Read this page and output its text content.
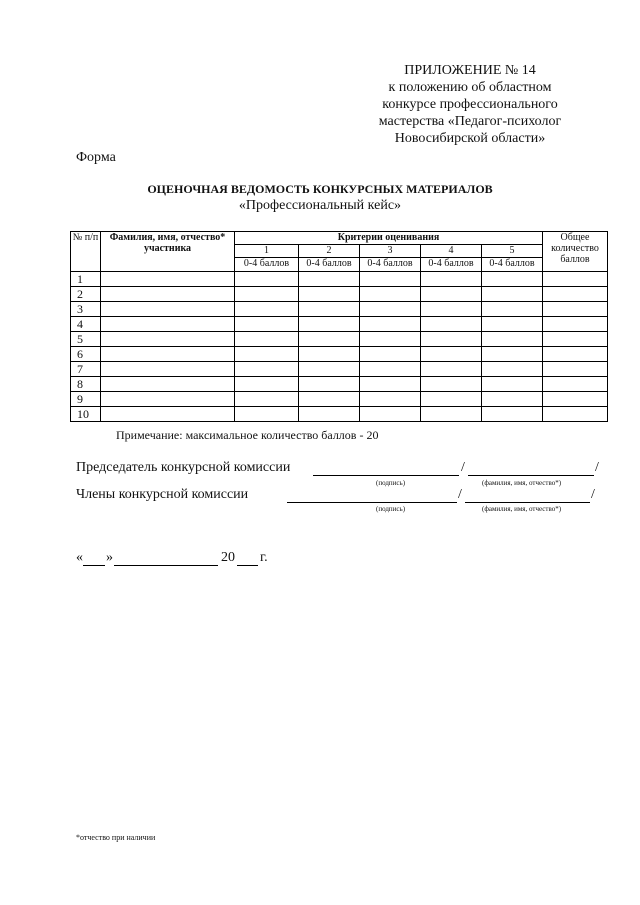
ПРИЛОЖЕНИЕ № 14
к положению об областном
конкурсе профессионального
мастерства «Педагог-психолог
Новосибирской области»
Форма
ОЦЕНОЧНАЯ ВЕДОМОСТЬ КОНКУРСНЫХ МАТЕРИАЛОВ
«Профессиональный кейс»
№ п/п	Фамилия, имя, отчество* участника	Критерии оценивания					Общее количество баллов
		1	2	3	4	5	
		0-4 баллов	0-4 баллов	0-4 баллов	0-4 баллов	0-4 баллов	
1							
2							
3							
4							
5							
6							
7							
8							
9							
10							
Примечание: максимальное количество баллов - 20
Председатель конкурсной комиссии	/	/
(подпись)	(фамилия, имя, отчество*)
Члены конкурсной комиссии	/	/
(подпись)	(фамилия, имя, отчество*)
« »	20 г.
*отчество при наличии
